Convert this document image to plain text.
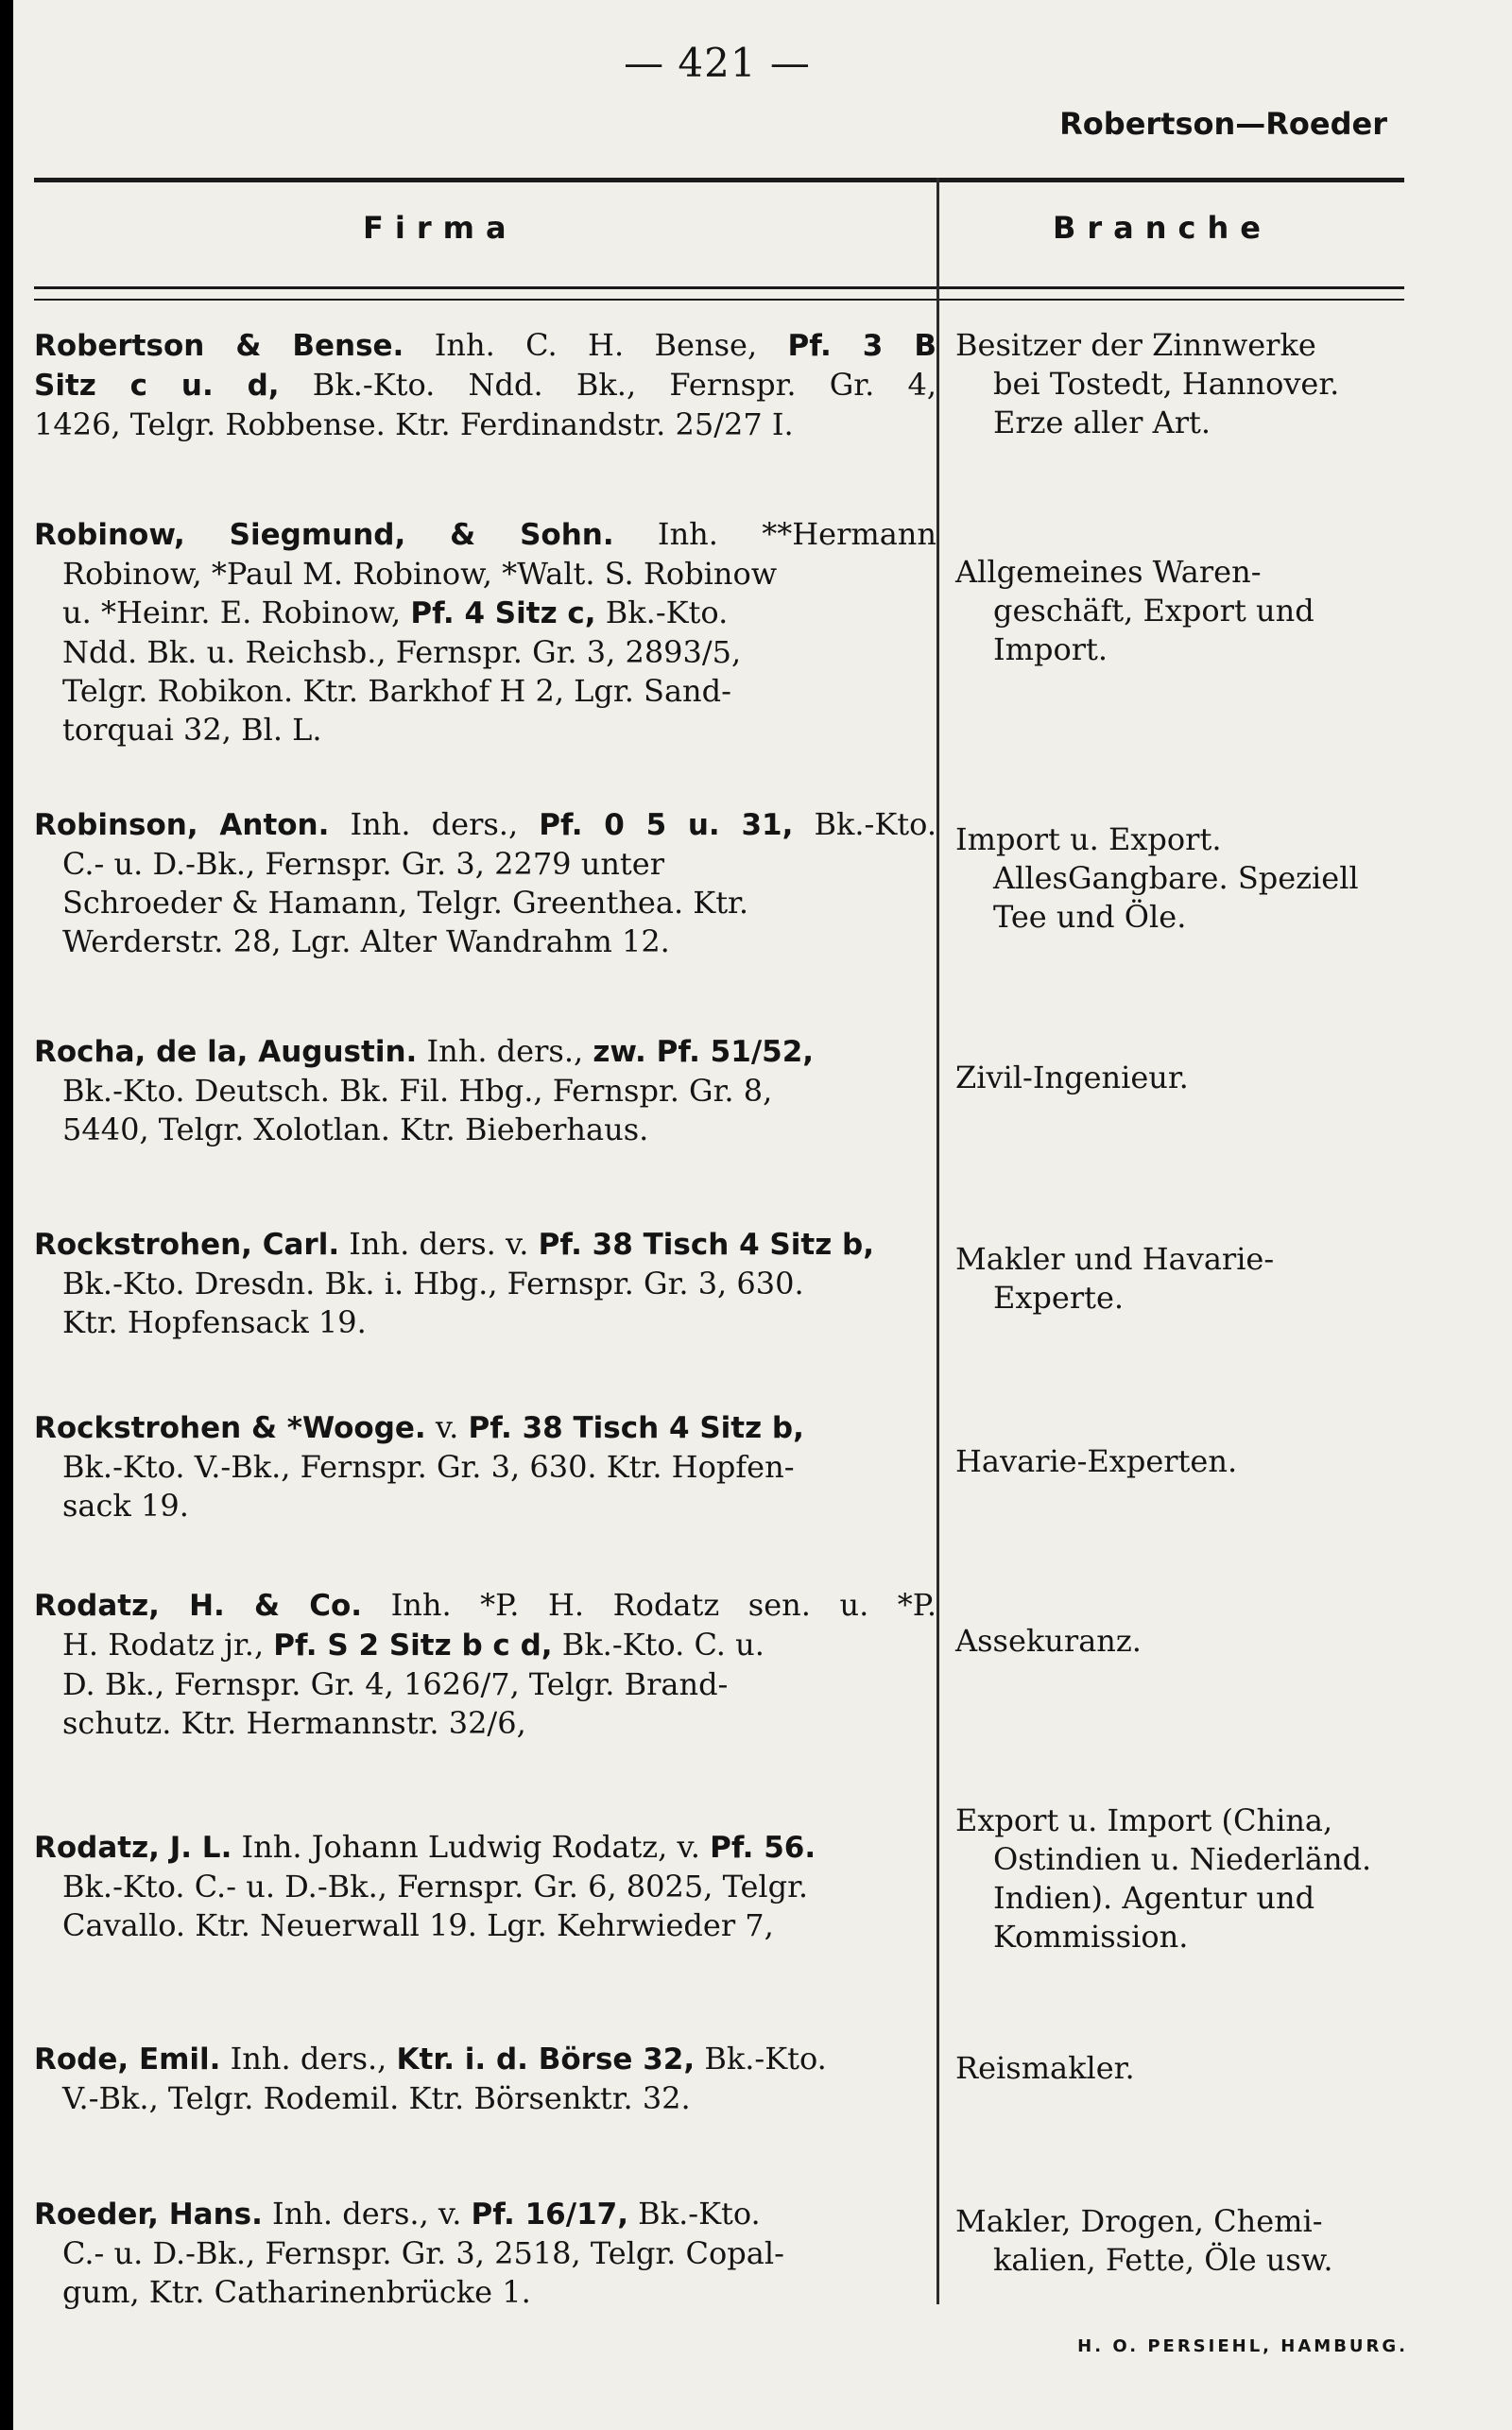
— 421 —
Robertson—Roeder
Firma	Branche
Robertson & Bense. Inh. C. H. Bense, Pf. 3 B
Sitz c u. d, Bk.-Kto. Ndd. Bk., Fernspr. Gr. 4,
1426, Telgr. Robbense. Ktr. Ferdinandstr. 25/27 I.
Besitzer der Zinnwerke
bei Tostedt, Hannover.
Erze aller Art.
Robinow, Siegmund, & Sohn. Inh. **Hermann
Robinow, *Paul M. Robinow, *Walt. S. Robinow
u. *Heinr. E. Robinow, Pf. 4 Sitz c, Bk.-Kto.
Ndd. Bk. u. Reichsb., Fernspr. Gr. 3, 2893/5,
Telgr. Robikon. Ktr. Barkhof H 2, Lgr. Sand-
torquai 32, Bl. L.
Allgemeines Waren-
geschäft, Export und
Import.
Robinson, Anton. Inh. ders., Pf. 0 5 u. 31, Bk.-Kto.
C.- u. D.-Bk., Fernspr. Gr. 3, 2279 unter
Schroeder & Hamann, Telgr. Greenthea. Ktr.
Werderstr. 28, Lgr. Alter Wandrahm 12.
Import u. Export.
AllesGangbare. Speziell
Tee und Öle.
Rocha, de la, Augustin. Inh. ders., zw. Pf. 51/52,
Bk.-Kto. Deutsch. Bk. Fil. Hbg., Fernspr. Gr. 8,
5440, Telgr. Xolotlan. Ktr. Bieberhaus.
Zivil-Ingenieur.
Rockstrohen, Carl. Inh. ders. v. Pf. 38 Tisch 4 Sitz b,
Bk.-Kto. Dresdn. Bk. i. Hbg., Fernspr. Gr. 3, 630.
Ktr. Hopfensack 19.
Makler und Havarie-
Experte.
Rockstrohen & *Wooge. v. Pf. 38 Tisch 4 Sitz b,
Bk.-Kto. V.-Bk., Fernspr. Gr. 3, 630. Ktr. Hopfen-
sack 19.
Havarie-Experten.
Rodatz, H. & Co. Inh. *P. H. Rodatz sen. u. *P.
H. Rodatz jr., Pf. S 2 Sitz b c d, Bk.-Kto. C. u.
D. Bk., Fernspr. Gr. 4, 1626/7, Telgr. Brand-
schutz. Ktr. Hermannstr. 32/6,
Assekuranz.
Rodatz, J. L. Inh. Johann Ludwig Rodatz, v. Pf. 56.
Bk.-Kto. C.- u. D.-Bk., Fernspr. Gr. 6, 8025, Telgr.
Cavallo. Ktr. Neuerwall 19. Lgr. Kehrwieder 7,
Export u. Import (China,
Ostindien u. Niederländ.
Indien). Agentur und
Kommission.
Rode, Emil. Inh. ders., Ktr. i. d. Börse 32, Bk.-Kto.
V.-Bk., Telgr. Rodemil. Ktr. Börsenktr. 32.
Reismakler.
Roeder, Hans. Inh. ders., v. Pf. 16/17, Bk.-Kto.
C.- u. D.-Bk., Fernspr. Gr. 3, 2518, Telgr. Copal-
gum, Ktr. Catharinenbrücke 1.
Makler, Drogen, Chemi-
kalien, Fette, Öle usw.
H. O. PERSIEHL, HAMBURG.
